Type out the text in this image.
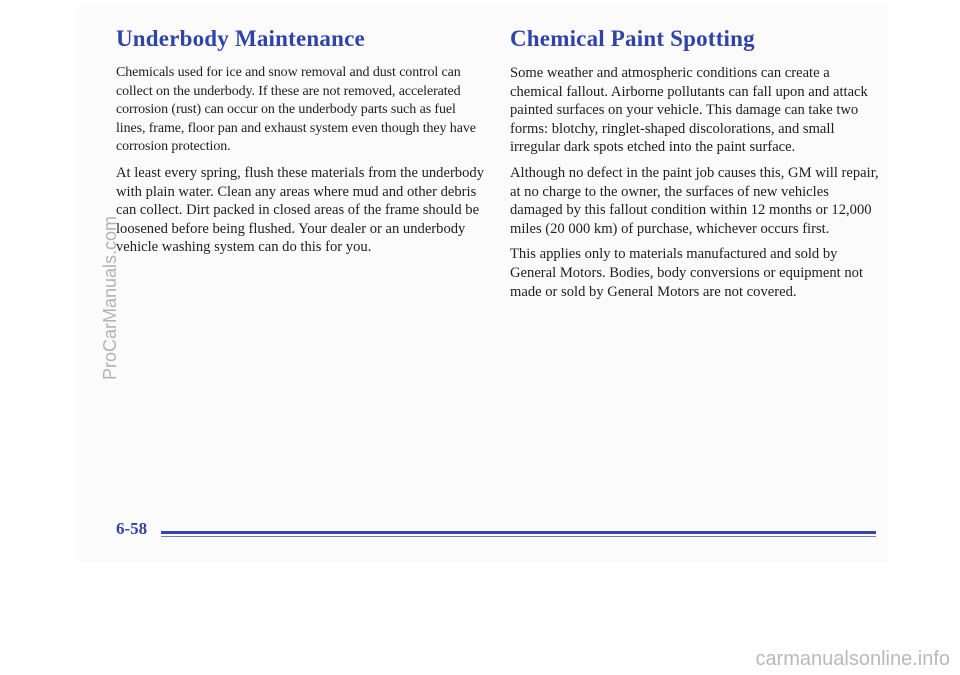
Underbody Maintenance

Chemicals used for ice and snow removal and dust control can collect on the underbody. If these are not removed, accelerated corrosion (rust) can occur on the underbody parts such as fuel lines, frame, floor pan and exhaust system even though they have corrosion protection.

At least every spring, flush these materials from the underbody with plain water. Clean any areas where mud and other debris can collect. Dirt packed in closed areas of the frame should be loosened before being flushed. Your dealer or an underbody vehicle washing system can do this for you.

Chemical Paint Spotting

Some weather and atmospheric conditions can create a chemical fallout. Airborne pollutants can fall upon and attack painted surfaces on your vehicle. This damage can take two forms: blotchy, ringlet-shaped discolorations, and small irregular dark spots etched into the paint surface.

Although no defect in the paint job causes this, GM will repair, at no charge to the owner, the surfaces of new vehicles damaged by this fallout condition within 12 months or 12,000 miles (20 000 km) of purchase, whichever occurs first.

This applies only to materials manufactured and sold by General Motors. Bodies, body conversions or equipment not made or sold by General Motors are not covered.

6-58
ProCarManuals.com
carmanualsonline.info
